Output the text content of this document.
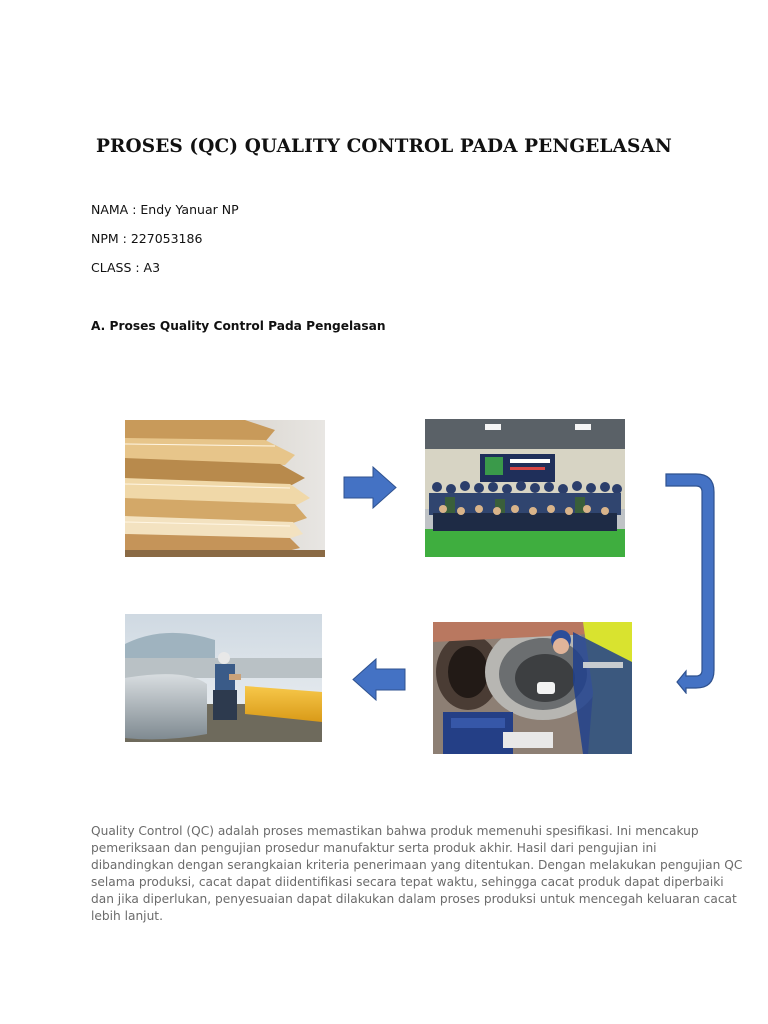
PROSES (QC) QUALITY CONTROL PADA PENGELASAN
NAMA : Endy Yanuar NP
NPM : 227053186
CLASS : A3
A. Proses Quality Control Pada Pengelasan
Quality Control (QC) adalah proses memastikan bahwa produk memenuhi spesifikasi. Ini mencakup
pemeriksaan dan pengujian prosedur manufaktur serta produk akhir. Hasil dari pengujian ini
dibandingkan dengan serangkaian kriteria penerimaan yang ditentukan. Dengan melakukan pengujian QC
selama produksi, cacat dapat diidentifikasi secara tepat waktu, sehingga cacat produk dapat diperbaiki
dan jika diperlukan, penyesuaian dapat dilakukan dalam proses produksi untuk mencegah keluaran cacat
lebih lanjut.
